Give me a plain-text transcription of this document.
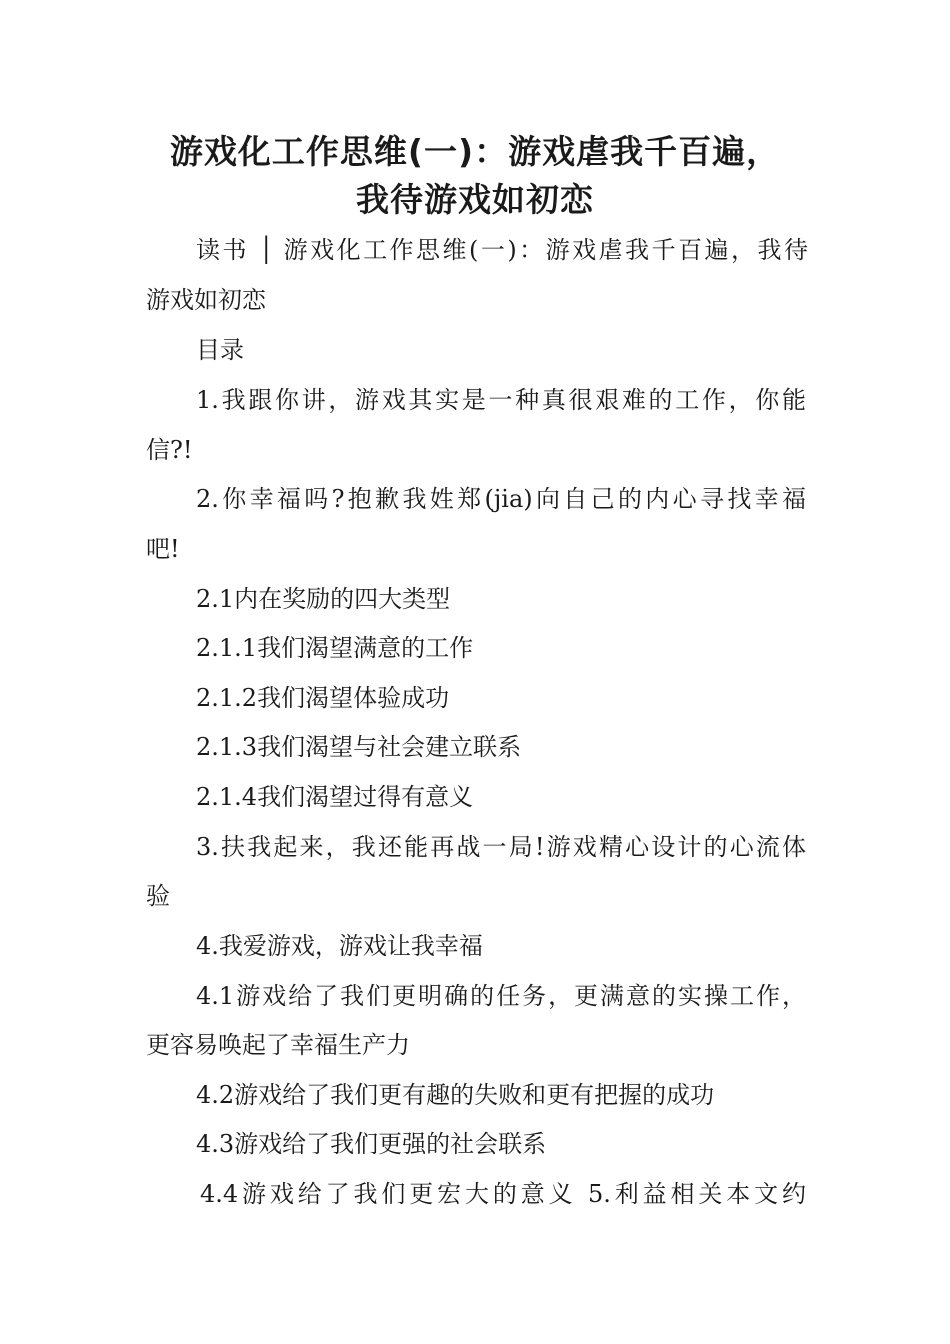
游戏化工作思维(一)：游戏虐我千百遍，
我待游戏如初恋
读书 │ 游戏化工作思维(一)：游戏虐我千百遍，我待
游戏如初恋
目录
1.我跟你讲，游戏其实是一种真很艰难的工作，你能
信?!
2.你幸福吗?抱歉我姓郑(jia)向自己的内心寻找幸福
吧!
2.1内在奖励的四大类型
2.1.1我们渴望满意的工作
2.1.2我们渴望体验成功
2.1.3我们渴望与社会建立联系
2.1.4我们渴望过得有意义
3.扶我起来，我还能再战一局!游戏精心设计的心流体
验
4.我爱游戏，游戏让我幸福
4.1游戏给了我们更明确的任务，更满意的实操工作，
更容易唤起了幸福生产力
4.2游戏给了我们更有趣的失败和更有把握的成功
4.3游戏给了我们更强的社会联系
4.4游戏给了我们更宏大的意义 5.利益相关本文约
